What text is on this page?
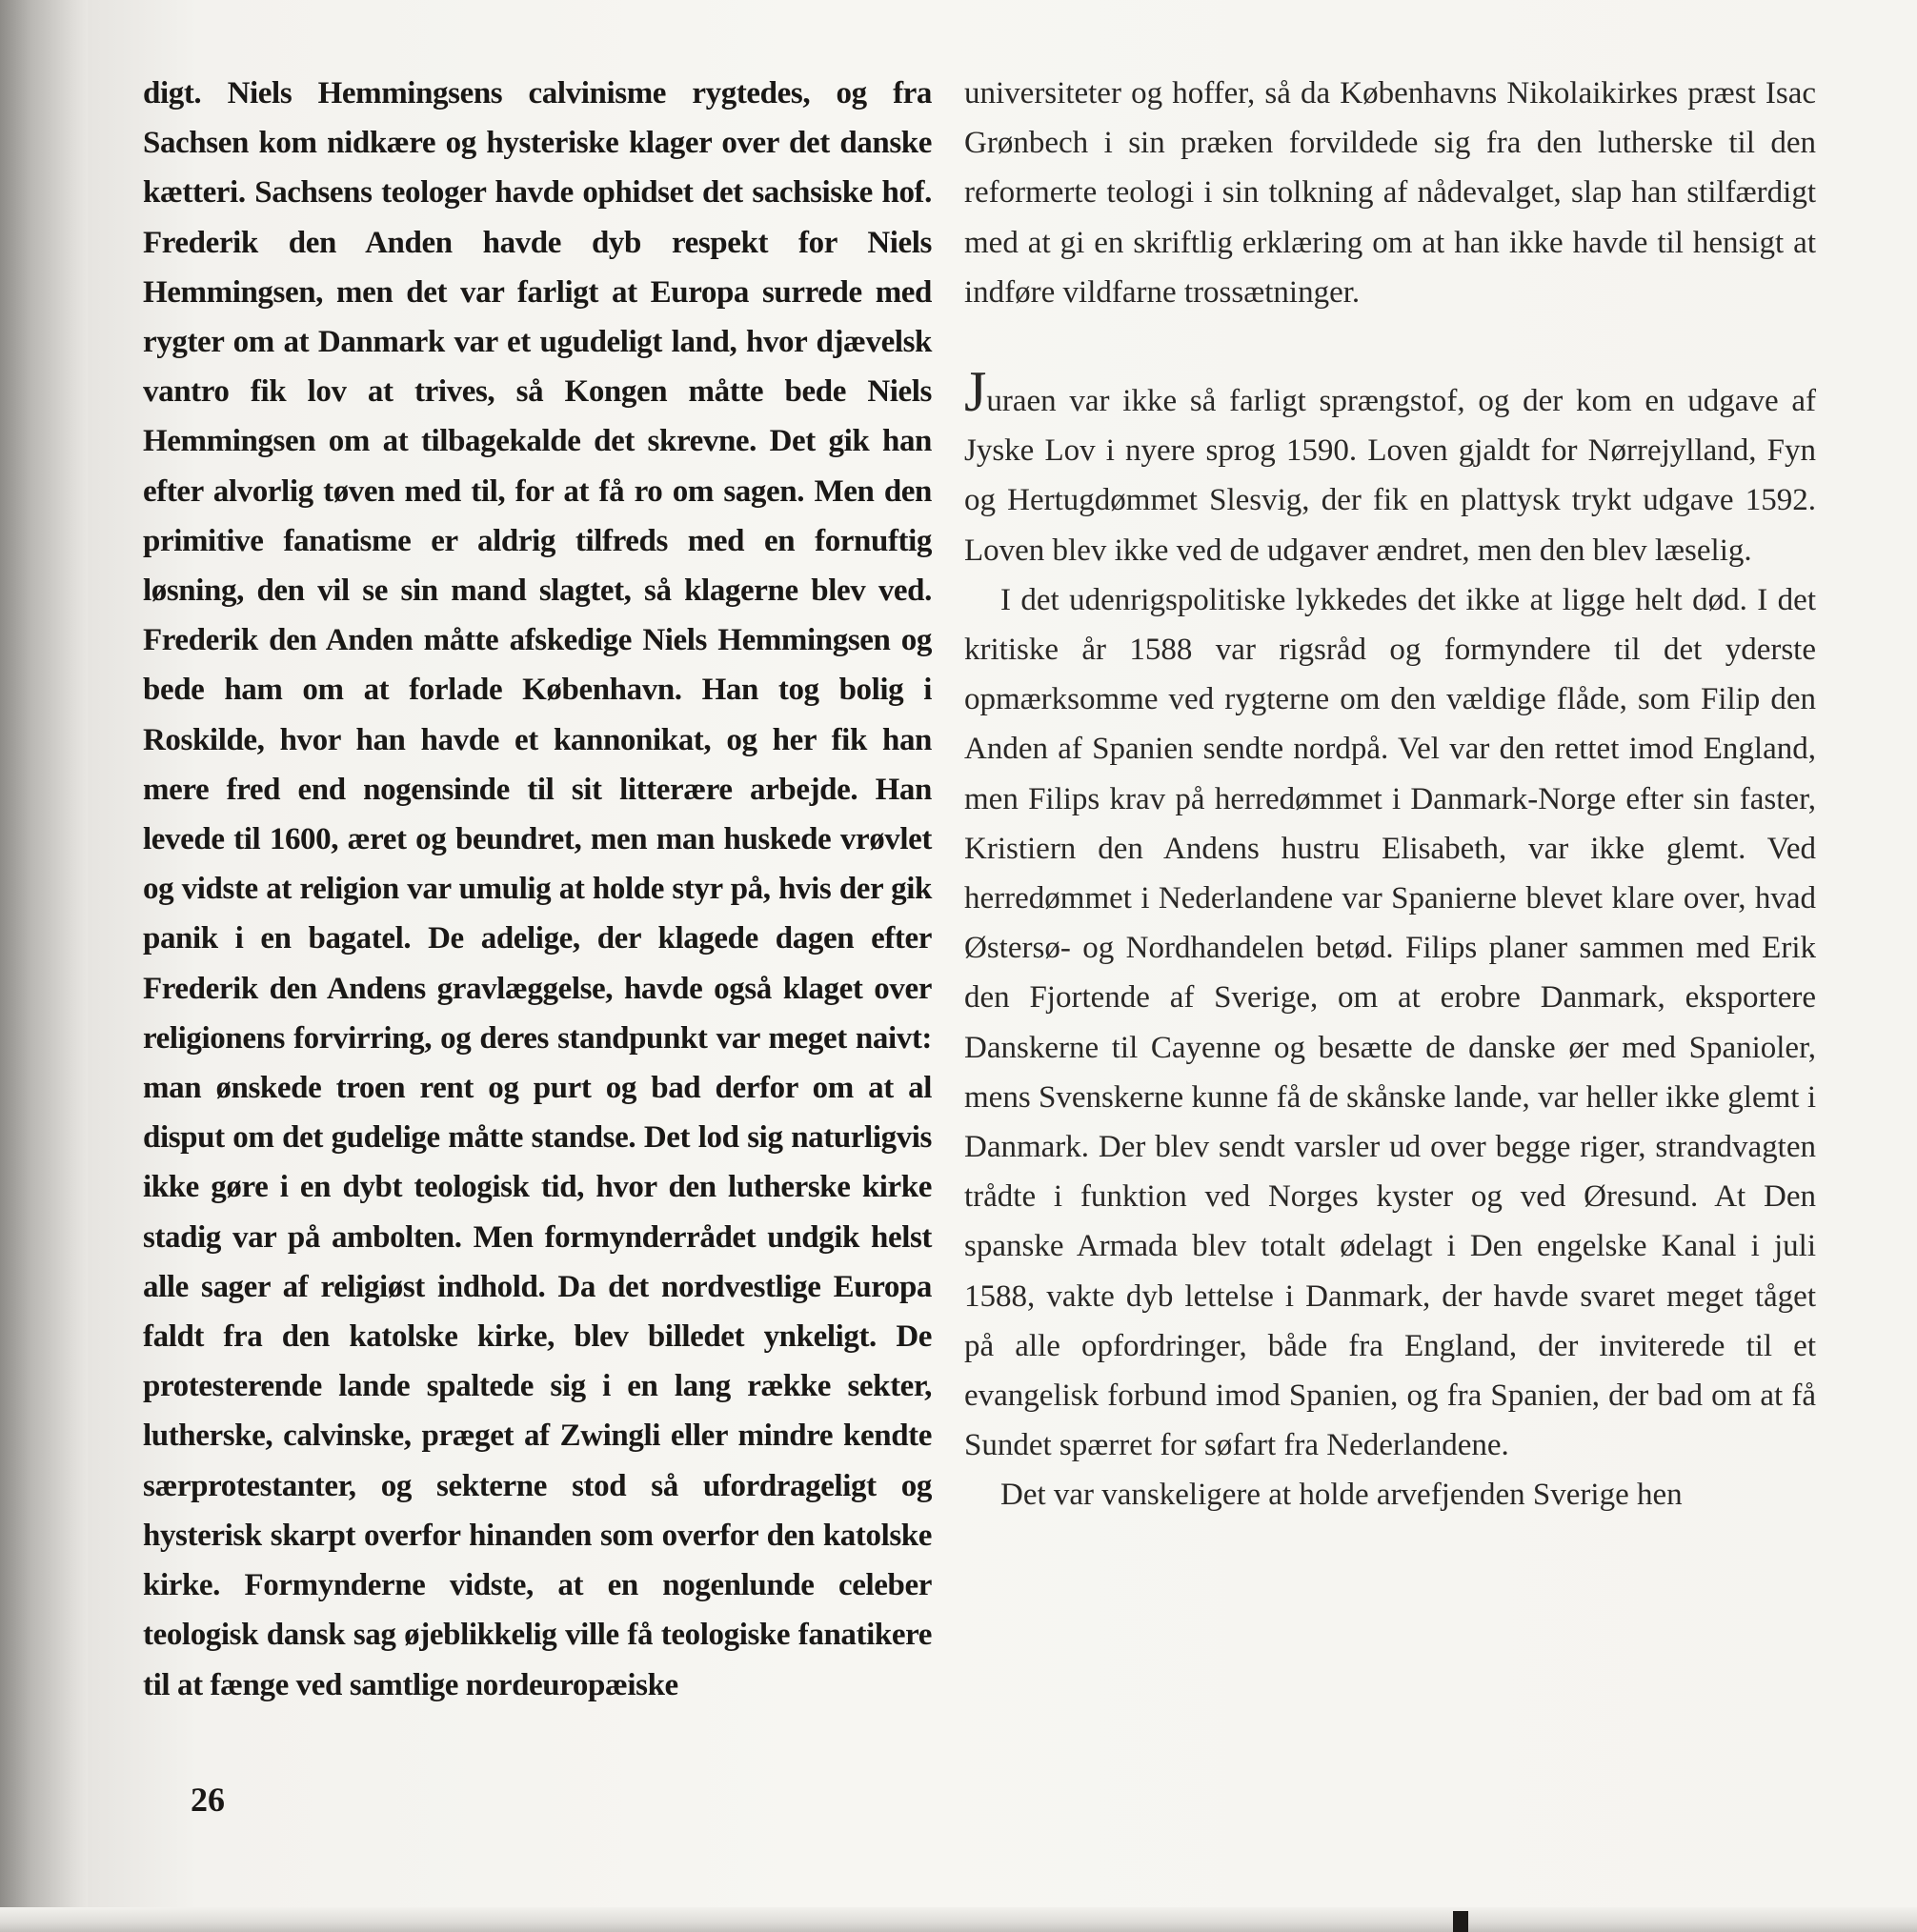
digt. Niels Hemmingsens calvinisme rygtedes, og fra Sachsen kom nidkære og hysteriske klager over det danske kætteri. Sachsens teologer havde ophidset det sachsiske hof. Frederik den Anden havde dyb respekt for Niels Hemmingsen, men det var farligt at Europa surrede med rygter om at Danmark var et ugudeligt land, hvor djævelsk vantro fik lov at trives, så Kongen måtte bede Niels Hemmingsen om at tilbagekalde det skrevne. Det gik han efter alvorlig tøven med til, for at få ro om sagen. Men den primitive fanatisme er aldrig tilfreds med en fornuftig løsning, den vil se sin mand slagtet, så klagerne blev ved. Frederik den Anden måtte afskedige Niels Hemmingsen og bede ham om at forlade København. Han tog bolig i Roskilde, hvor han havde et kannonikat, og her fik han mere fred end nogensinde til sit litterære arbejde. Han levede til 1600, æret og beundret, men man huskede vrøvlet og vidste at religion var umulig at holde styr på, hvis der gik panik i en bagatel. De adelige, der klagede dagen efter Frederik den Andens gravlæggelse, havde også klaget over religionens forvirring, og deres standpunkt var meget naivt: man ønskede troen rent og purt og bad derfor om at al disput om det gudelige måtte standse. Det lod sig naturligvis ikke gøre i en dybt teologisk tid, hvor den lutherske kirke stadig var på ambolten. Men formynderrådet undgik helst alle sager af religiøst indhold. Da det nordvestlige Europa faldt fra den katolske kirke, blev billedet ynkeligt. De protesterende lande spaltede sig i en lang række sekter, lutherske, calvinske, præget af Zwingli eller mindre kendte særprotestanter, og sekterne stod så ufordrageligt og hysterisk skarpt overfor hinanden som overfor den katolske kirke. Formynderne vidste, at en nogenlunde celeber teologisk dansk sag øjeblikkelig ville få teologiske fanatikere til at fænge ved samtlige nordeuropæiske

universiteter og hoffer, så da Københavns Nikolaikirkes præst Isac Grønbech i sin præken forvildede sig fra den lutherske til den reformerte teologi i sin tolkning af nådevalget, slap han stilfærdigt med at gi en skriftlig erklæring om at han ikke havde til hensigt at indføre vildfarne trossætninger.

Juraen var ikke så farligt sprængstof, og der kom en udgave af Jyske Lov i nyere sprog 1590. Loven gjaldt for Nørrejylland, Fyn og Hertugdømmet Slesvig, der fik en plattysk trykt udgave 1592. Loven blev ikke ved de udgaver ændret, men den blev læselig.

I det udenrigspolitiske lykkedes det ikke at ligge helt død. I det kritiske år 1588 var rigsråd og formyndere til det yderste opmærksomme ved rygterne om den vældige flåde, som Filip den Anden af Spanien sendte nordpå. Vel var den rettet imod England, men Filips krav på herredømmet i Danmark-Norge efter sin faster, Kristiern den Andens hustru Elisabeth, var ikke glemt. Ved herredømmet i Nederlandene var Spanierne blevet klare over, hvad Østersø- og Nordhandelen betød. Filips planer sammen med Erik den Fjortende af Sverige, om at erobre Danmark, eksportere Danskerne til Cayenne og besætte de danske øer med Spanioler, mens Svenskerne kunne få de skånske lande, var heller ikke glemt i Danmark. Der blev sendt varsler ud over begge riger, strandvagten trådte i funktion ved Norges kyster og ved Øresund. At Den spanske Armada blev totalt ødelagt i Den engelske Kanal i juli 1588, vakte dyb lettelse i Danmark, der havde svaret meget tåget på alle opfordringer, både fra England, der inviterede til et evangelisk forbund imod Spanien, og fra Spanien, der bad om at få Sundet spærret for søfart fra Nederlandene.

Det var vanskeligere at holde arvefjenden Sverige hen

26
